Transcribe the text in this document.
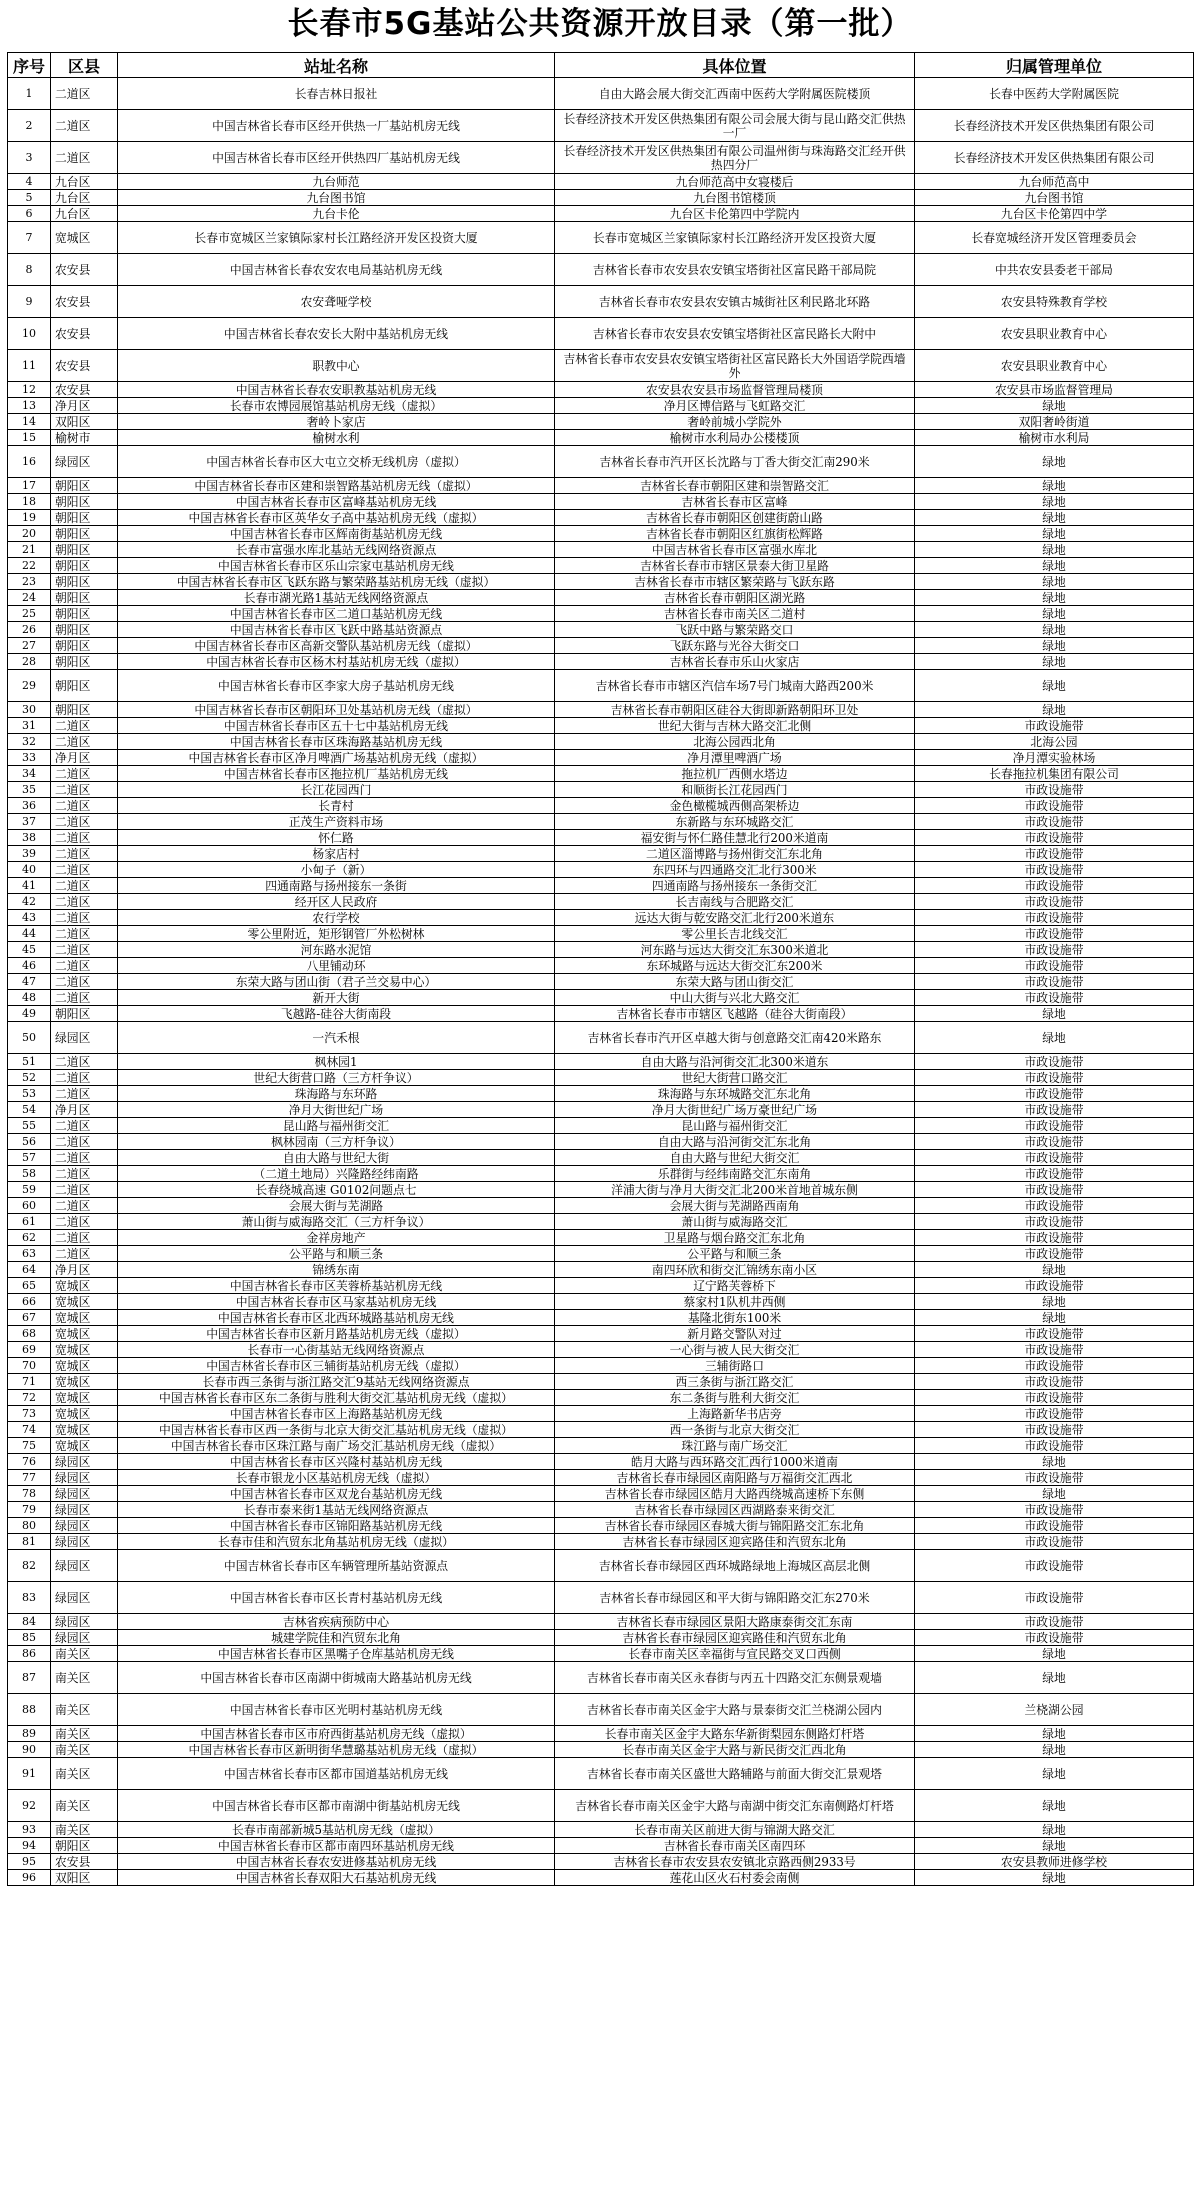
长春市5G基站公共资源开放目录（第一批）
序号	区县	站址名称	具体位置	归属管理单位
1	二道区	长春吉林日报社	自由大路会展大街交汇西南中医药大学附属医院楼顶	长春中医药大学附属医院
2	二道区	中国吉林省长春市区经开供热一厂基站机房无线	长春经济技术开发区供热集团有限公司会展大街与昆山路交汇供热一厂	长春经济技术开发区供热集团有限公司
3	二道区	中国吉林省长春市区经开供热四厂基站机房无线	长春经济技术开发区供热集团有限公司温州街与珠海路交汇经开供热四分厂	长春经济技术开发区供热集团有限公司
4	九台区	九台师范	九台师范高中女寝楼后	九台师范高中
5	九台区	九台图书馆	九台图书馆楼顶	九台图书馆
6	九台区	九台卡伦	九台区卡伦第四中学院内	九台区卡伦第四中学
7	宽城区	长春市宽城区兰家镇际家村长江路经济开发区投资大厦	长春市宽城区兰家镇际家村长江路经济开发区投资大厦	长春宽城经济开发区管理委员会
8	农安县	中国吉林省长春农安农电局基站机房无线	吉林省长春市农安县农安镇宝塔街社区富民路干部局院	中共农安县委老干部局
9	农安县	农安聋哑学校	吉林省长春市农安县农安镇古城街社区利民路北环路	农安县特殊教育学校
10	农安县	中国吉林省长春农安长大附中基站机房无线	吉林省长春市农安县农安镇宝塔街社区富民路长大附中	农安县职业教育中心
11	农安县	职教中心	吉林省长春市农安县农安镇宝塔街社区富民路长大外国语学院西墙外	农安县职业教育中心
12	农安县	中国吉林省长春农安职教基站机房无线	农安县农安县市场监督管理局楼顶	农安县市场监督管理局
13	净月区	长春市农博园展馆基站机房无线（虚拟）	净月区博信路与飞虹路交汇	绿地
14	双阳区	奢岭卜家店	奢岭前城小学院外	双阳奢岭街道
15	榆树市	榆树水利	榆树市水利局办公楼楼顶	榆树市水利局
16	绿园区	中国吉林省长春市区大屯立交桥无线机房（虚拟）	吉林省长春市汽开区长沈路与丁香大街交汇南290米	绿地
17	朝阳区	中国吉林省长春市区建和崇智路基站机房无线（虚拟）	吉林省长春市朝阳区建和崇智路交汇	绿地
18	朝阳区	中国吉林省长春市区富峰基站机房无线	吉林省长春市区富峰	绿地
19	朝阳区	中国吉林省长春市区英华女子高中基站机房无线（虚拟）	吉林省长春市朝阳区创建街蔚山路	绿地
20	朝阳区	中国吉林省长春市区辉南街基站机房无线	吉林省长春市朝阳区红旗街松辉路	绿地
21	朝阳区	长春市富强水库北基站无线网络资源点	中国吉林省长春市区富强水库北	绿地
22	朝阳区	中国吉林省长春市区乐山宗家屯基站机房无线	吉林省长春市市辖区景泰大街卫星路	绿地
23	朝阳区	中国吉林省长春市区飞跃东路与繁荣路基站机房无线（虚拟）	吉林省长春市市辖区繁荣路与飞跃东路	绿地
24	朝阳区	长春市湖光路1基站无线网络资源点	吉林省长春市朝阳区湖光路	绿地
25	朝阳区	中国吉林省长春市区二道口基站机房无线	吉林省长春市南关区二道村	绿地
26	朝阳区	中国吉林省长春市区飞跃中路基站资源点	飞跃中路与繁荣路交口	绿地
27	朝阳区	中国吉林省长春市区高新交警队基站机房无线（虚拟）	飞跃东路与光谷大街交口	绿地
28	朝阳区	中国吉林省长春市区杨木村基站机房无线（虚拟）	吉林省长春市乐山火家店	绿地
29	朝阳区	中国吉林省长春市区李家大房子基站机房无线	吉林省长春市市辖区汽信车场7号门城南大路西200米	绿地
30	朝阳区	中国吉林省长春市区朝阳环卫处基站机房无线（虚拟）	吉林省长春市朝阳区硅谷大街即新路朝阳环卫处	绿地
31	二道区	中国吉林省长春市区五十七中基站机房无线	世纪大街与吉林大路交汇北侧	市政设施带
32	二道区	中国吉林省长春市区珠海路基站机房无线	北海公园西北角	北海公园
33	净月区	中国吉林省长春市区净月啤酒广场基站机房无线（虚拟）	净月潭里啤酒广场	净月潭实验林场
34	二道区	中国吉林省长春市区拖拉机厂基站机房无线	拖拉机厂西侧水塔边	长春拖拉机集团有限公司
35	二道区	长江花园西门	和顺街长江花园西门	市政设施带
36	二道区	长青村	金色橄榄城西侧高架桥边	市政设施带
37	二道区	正茂生产资料市场	东新路与东环城路交汇	市政设施带
38	二道区	怀仁路	福安街与怀仁路佳慧北行200米道南	市政设施带
39	二道区	杨家店村	二道区淄博路与扬州街交汇东北角	市政设施带
40	二道区	小甸子（新）	东四环与四通路交汇北行300米	市政设施带
41	二道区	四通南路与扬州接东一条街	四通南路与扬州接东一条街交汇	市政设施带
42	二道区	经开区人民政府	长吉南线与合肥路交汇	市政设施带
43	二道区	农行学校	远达大街与乾安路交汇北行200米道东	市政设施带
44	二道区	零公里附近，矩形钢管厂外松树林	零公里长吉北线交汇	市政设施带
45	二道区	河东路水泥馆	河东路与远达大街交汇东300米道北	市政设施带
46	二道区	八里铺动环	东环城路与远达大街交汇东200米	市政设施带
47	二道区	东荣大路与团山街（君子兰交易中心）	东荣大路与团山街交汇	市政设施带
48	二道区	新开大街	中山大街与兴北大路交汇	市政设施带
49	朝阳区	飞越路-硅谷大街南段	吉林省长春市市辖区飞越路（硅谷大街南段）	绿地
50	绿园区	一汽禾根	吉林省长春市汽开区卓越大街与创意路交汇南420米路东	绿地
51	二道区	枫林园1	自由大路与沿河街交汇北300米道东	市政设施带
52	二道区	世纪大街营口路（三方杆争议）	世纪大街营口路交汇	市政设施带
53	二道区	珠海路与东环路	珠海路与东环城路交汇东北角	市政设施带
54	净月区	净月大街世纪广场	净月大街世纪广场万豪世纪广场	市政设施带
55	二道区	昆山路与福州街交汇	昆山路与福州街交汇	市政设施带
56	二道区	枫林园南（三方杆争议）	自由大路与沿河街交汇东北角	市政设施带
57	二道区	自由大路与世纪大街	自由大路与世纪大街交汇	市政设施带
58	二道区	（二道土地局）兴隆路经纬南路	乐群街与经纬南路交汇东南角	市政设施带
59	二道区	长春绕城高速 G0102问题点七	洋浦大街与净月大街交汇北200米首地首城东侧	市政设施带
60	二道区	会展大街与芜湖路	会展大街与芜湖路西南角	市政设施带
61	二道区	萧山街与威海路交汇（三方杆争议）	萧山街与威海路交汇	市政设施带
62	二道区	金祥房地产	卫星路与烟台路交汇东北角	市政设施带
63	二道区	公平路与和顺三条	公平路与和顺三条	市政设施带
64	净月区	锦绣东南	南四环欣和街交汇锦绣东南小区	绿地
65	宽城区	中国吉林省长春市区芙蓉桥基站机房无线	辽宁路芙蓉桥下	市政设施带
66	宽城区	中国吉林省长春市区马家基站机房无线	蔡家村1队机井西侧	绿地
67	宽城区	中国吉林省长春市区北西环城路基站机房无线	基隆北街东100米	绿地
68	宽城区	中国吉林省长春市区新月路基站机房无线（虚拟）	新月路交警队对过	市政设施带
69	宽城区	长春市一心街基站无线网络资源点	一心街与被人民大街交汇	市政设施带
70	宽城区	中国吉林省长春市区三辅街基站机房无线（虚拟）	三辅街路口	市政设施带
71	宽城区	长春市西三条街与浙江路交汇9基站无线网络资源点	西三条街与浙江路交汇	市政设施带
72	宽城区	中国吉林省长春市区东二条街与胜利大街交汇基站机房无线（虚拟）	东二条街与胜利大街交汇	市政设施带
73	宽城区	中国吉林省长春市区上海路基站机房无线	上海路新华书店旁	市政设施带
74	宽城区	中国吉林省长春市区西一条街与北京大街交汇基站机房无线（虚拟）	西一条街与北京大街交汇	市政设施带
75	宽城区	中国吉林省长春市区珠江路与南广场交汇基站机房无线（虚拟）	珠江路与南广场交汇	市政设施带
76	绿园区	中国吉林省长春市区兴隆村基站机房无线	皓月大路与西环路交汇西行1000米道南	绿地
77	绿园区	长春市银龙小区基站机房无线（虚拟）	吉林省长春市绿园区南阳路与万福街交汇西北	市政设施带
78	绿园区	中国吉林省长春市区双龙台基站机房无线	吉林省长春市绿园区皓月大路西绕城高速桥下东侧	绿地
79	绿园区	长春市泰来街1基站无线网络资源点	吉林省长春市绿园区西湖路泰来街交汇	市政设施带
80	绿园区	中国吉林省长春市区锦阳路基站机房无线	吉林省长春市绿园区春城大街与锦阳路交汇东北角	市政设施带
81	绿园区	长春市佳和汽贸东北角基站机房无线（虚拟）	吉林省长春市绿园区迎宾路佳和汽贸东北角	市政设施带
82	绿园区	中国吉林省长春市区车辆管理所基站资源点	吉林省长春市绿园区西环城路绿地上海城区高层北侧	市政设施带
83	绿园区	中国吉林省长春市区长青村基站机房无线	吉林省长春市绿园区和平大街与锦阳路交汇东270米	市政设施带
84	绿园区	吉林省疾病预防中心	吉林省长春市绿园区景阳大路康泰街交汇东南	市政设施带
85	绿园区	城建学院佳和汽贸东北角	吉林省长春市绿园区迎宾路佳和汽贸东北角	市政设施带
86	南关区	中国吉林省长春市区黑嘴子仓库基站机房无线	长春市南关区幸福街与宣民路交叉口西侧	绿地
87	南关区	中国吉林省长春市区南湖中街城南大路基站机房无线	吉林省长春市南关区永春街与丙五十四路交汇东侧景观墙	绿地
88	南关区	中国吉林省长春市区光明村基站机房无线	吉林省长春市南关区金宇大路与景泰街交汇兰桡湖公园内	兰桡湖公园
89	南关区	中国吉林省长春市区市府西街基站机房无线（虚拟）	长春市南关区金宇大路东华新街梨园东侧路灯杆塔	绿地
90	南关区	中国吉林省长春市区新明街华慧璐基站机房无线（虚拟）	长春市南关区金宇大路与新民街交汇西北角	绿地
91	南关区	中国吉林省长春市区都市国道基站机房无线	吉林省长春市南关区盛世大路辅路与前面大街交汇景观塔	绿地
92	南关区	中国吉林省长春市区都市南湖中街基站机房无线	吉林省长春市南关区金宇大路与南湖中街交汇东南侧路灯杆塔	绿地
93	南关区	长春市南部新城5基站机房无线（虚拟）	长春市南关区前进大街与锦湖大路交汇	绿地
94	朝阳区	中国吉林省长春市区都市南四环基站机房无线	吉林省长春市南关区南四环	绿地
95	农安县	中国吉林省长春农安进修基站机房无线	吉林省长春市农安县农安镇北京路西侧2933号	农安县教师进修学校
96	双阳区	中国吉林省长春双阳大石基站机房无线	莲花山区火石村委会南侧	绿地
